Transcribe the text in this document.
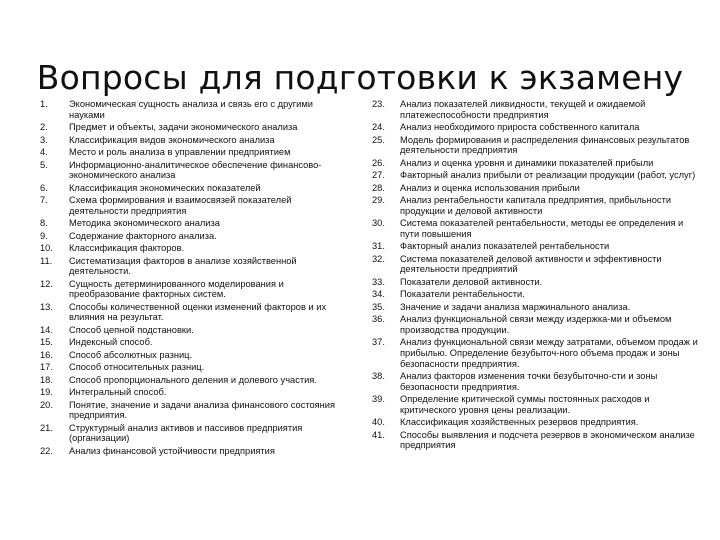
Вопросы для подготовки к экзамену
1.	Экономическая сущность анализа и связь его с другими науками
2.	Предмет и объекты, задачи экономического анализа
3.	Классификация видов экономического анализа
4.	Место и роль анализа в управлении предприятием
5.	Информационно-аналитическое обеспечение финансово-экономического анализа
6.	Классификация экономических показателей
7.	Схема формирования и взаимосвязей показателей деятельности предприятия
8.	Методика экономического анализа
9.	Содержание факторного анализа.
10.	Классификация факторов.
11.	Систематизация факторов в анализе хозяйственной деятельности.
12.	Сущность детерминированного моделирования и преобразование факторных систем.
13.	Способы количественной оценки изменений факторов и их влияния на результат.
14.	Способ цепной подстановки.
15.	Индексный способ.
16.	Способ абсолютных разниц.
17.	Способ относительных разниц.
18.	Способ пропорционального деления и долевого участия.
19.	Интегральный способ.
20.	Понятие, значение и задачи анализа финансового состояния предприятия.
21.	Структурный анализ активов и пассивов предприятия (организации)
22.	Анализ финансовой устойчивости предприятия
23.	Анализ показателей ликвидности, текущей и ожидаемой платежеспособности предприятия
24.	Анализ необходимого прироста собственного капитала
25.	Модель формирования и распределения финансовых результатов деятельности предприятия
26.	Анализ и оценка уровня и динамики показателей прибыли
27.	Факторный анализ прибыли от реализации продукции (работ, услуг)
28.	Анализ и оценка использования прибыли
29.	Анализ рентабельности капитала предприятия, прибыльности продукции и деловой активности
30.	Система показателей рентабельности, методы ее определения и пути повышения
31.	Факторный анализ показателей рентабельности
32.	Система показателей деловой активности и эффективности деятельности предприятий
33.	Показатели деловой активности.
34.	Показатели рентабельности.
35.	Значение и задачи анализа маржинального анализа.
36.	Анализ функциональной связи между издержка-ми и объемом производства продукции.
37.	Анализ функциональной связи между затратами, объемом продаж и прибылью. Определение безубыточ-ного объема продаж и зоны безопасности предприятия.
38.	Анализ факторов изменения точки безубыточно-сти и зоны безопасности предприятия.
39.	Определение критической суммы постоянных расходов и критического уровня цены реализации.
40.	Классификация хозяйственных резервов предприятия.
41.	Способы выявления и подсчета резервов в экономическом анализе предприятия
